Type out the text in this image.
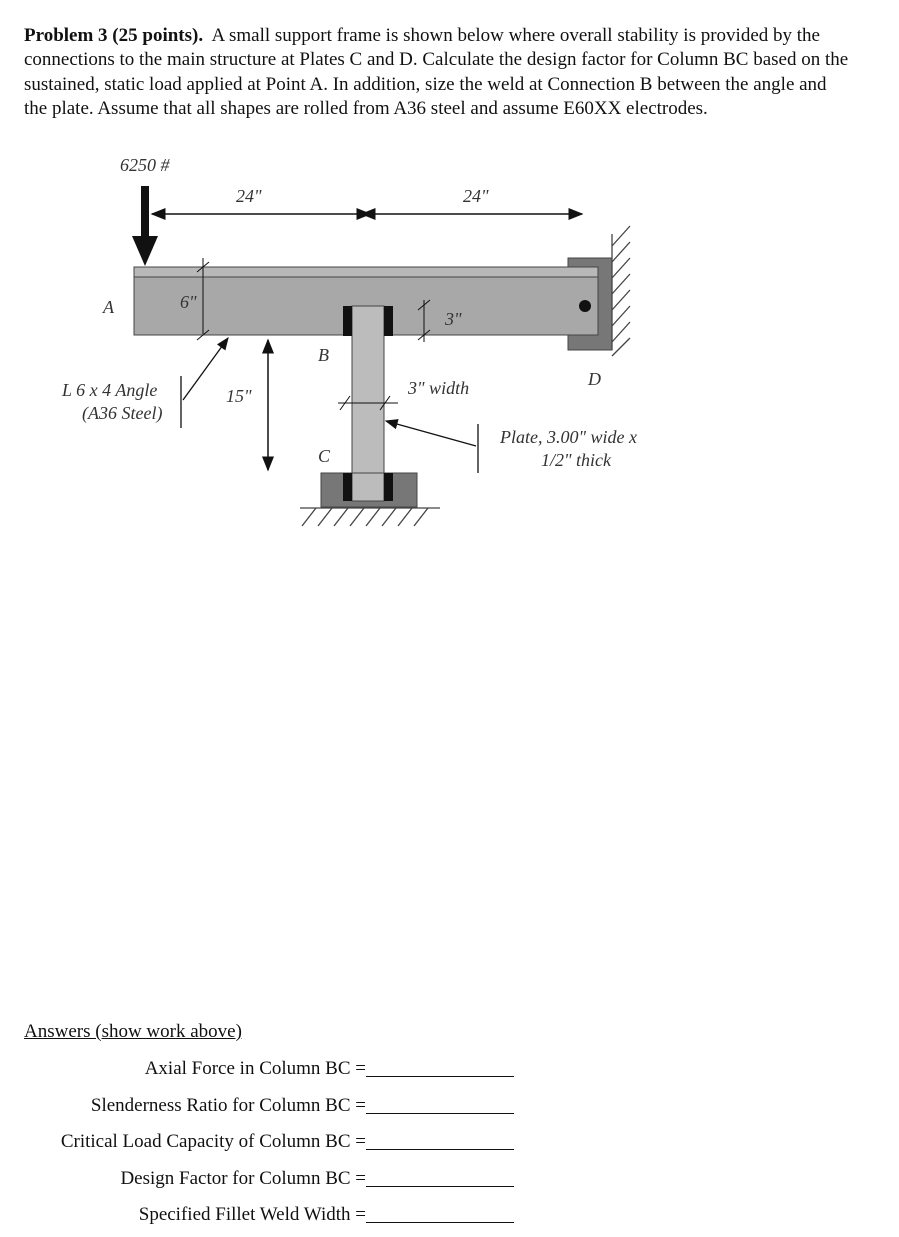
Problem 3 (25 points). A small support frame is shown below where overall stability is provided by the connections to the main structure at Plates C and D. Calculate the design factor for Column BC based on the sustained, static load applied at Point A. In addition, size the weld at Connection B between the angle and the plate. Assume that all shapes are rolled from A36 steel and assume E60XX electrodes.
6250 #
24"	24"
6"
A
3"
B
D
3" width
15"
L 6 x 4 Angle
(A36 Steel)
Plate, 3.00" wide x
1/2" thick
C
Answers (show work above)
Axial Force in Column BC =
Slenderness Ratio for Column BC =
Critical Load Capacity of Column BC =
Design Factor for Column BC =
Specified Fillet Weld Width =
